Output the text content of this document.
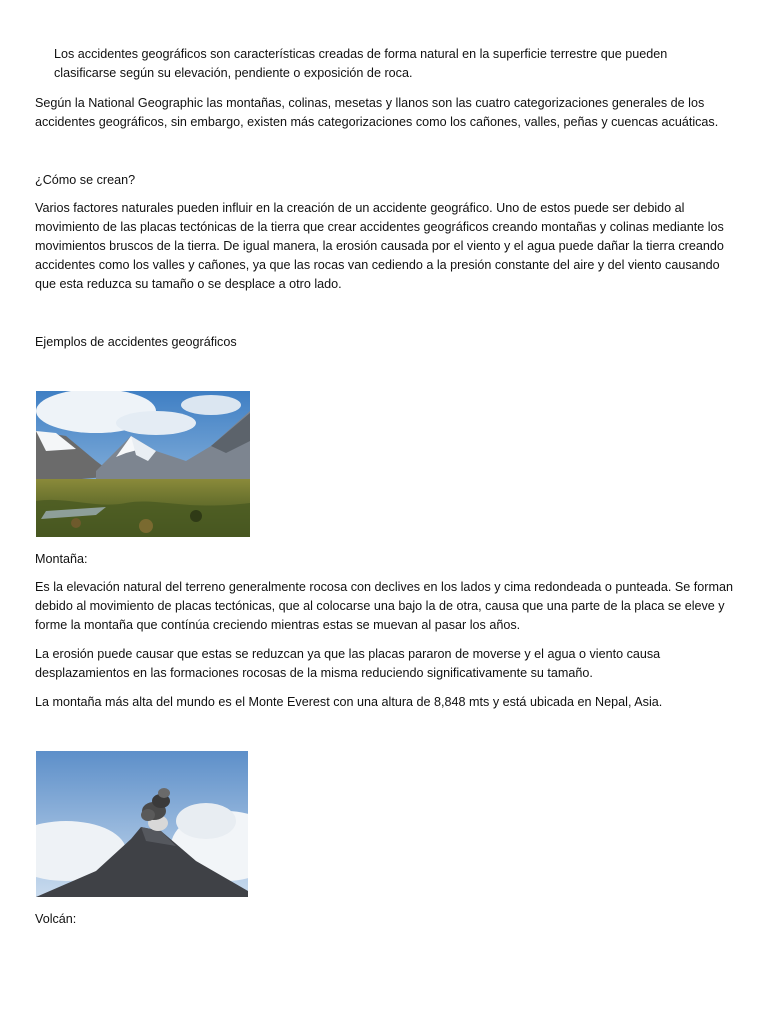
Los accidentes geográficos son características creadas de forma natural en la superficie terrestre que pueden clasificarse según su elevación, pendiente o exposición de roca.

Según la National Geographic las montañas, colinas, mesetas y llanos son las cuatro categorizaciones generales de los accidentes geográficos, sin embargo, existen más categorizaciones como los cañones, valles, peñas y cuencas acuáticas.

¿Cómo se crean?

Varios factores naturales pueden influir en la creación de un accidente geográfico. Uno de estos puede ser debido al movimiento de las placas tectónicas de la tierra que crear accidentes geográficos creando montañas y colinas mediante los movimientos bruscos de la tierra. De igual manera, la erosión causada por el viento y el agua puede dañar la tierra creando accidentes como los valles y cañones, ya que las rocas van cediendo a la presión constante del aire y del viento causando que esta reduzca su tamaño o se desplace a otro lado.

Ejemplos de accidentes geográficos

Montaña:

Es la elevación natural del terreno generalmente rocosa con declives en los lados y cima redondeada o punteada. Se forman debido al movimiento de placas tectónicas, que al colocarse una bajo la de otra, causa que una parte de la placa se eleve y forme la montaña que contínúa creciendo mientras estas se muevan al pasar los años.

La erosión puede causar que estas se reduzcan ya que las placas pararon de moverse y el agua o viento causa desplazamientos en las formaciones rocosas de la misma reduciendo significativamente su tamaño.

La montaña más alta del mundo es el Monte Everest con una altura de 8,848 mts y está ubicada en Nepal, Asia.

Volcán:
